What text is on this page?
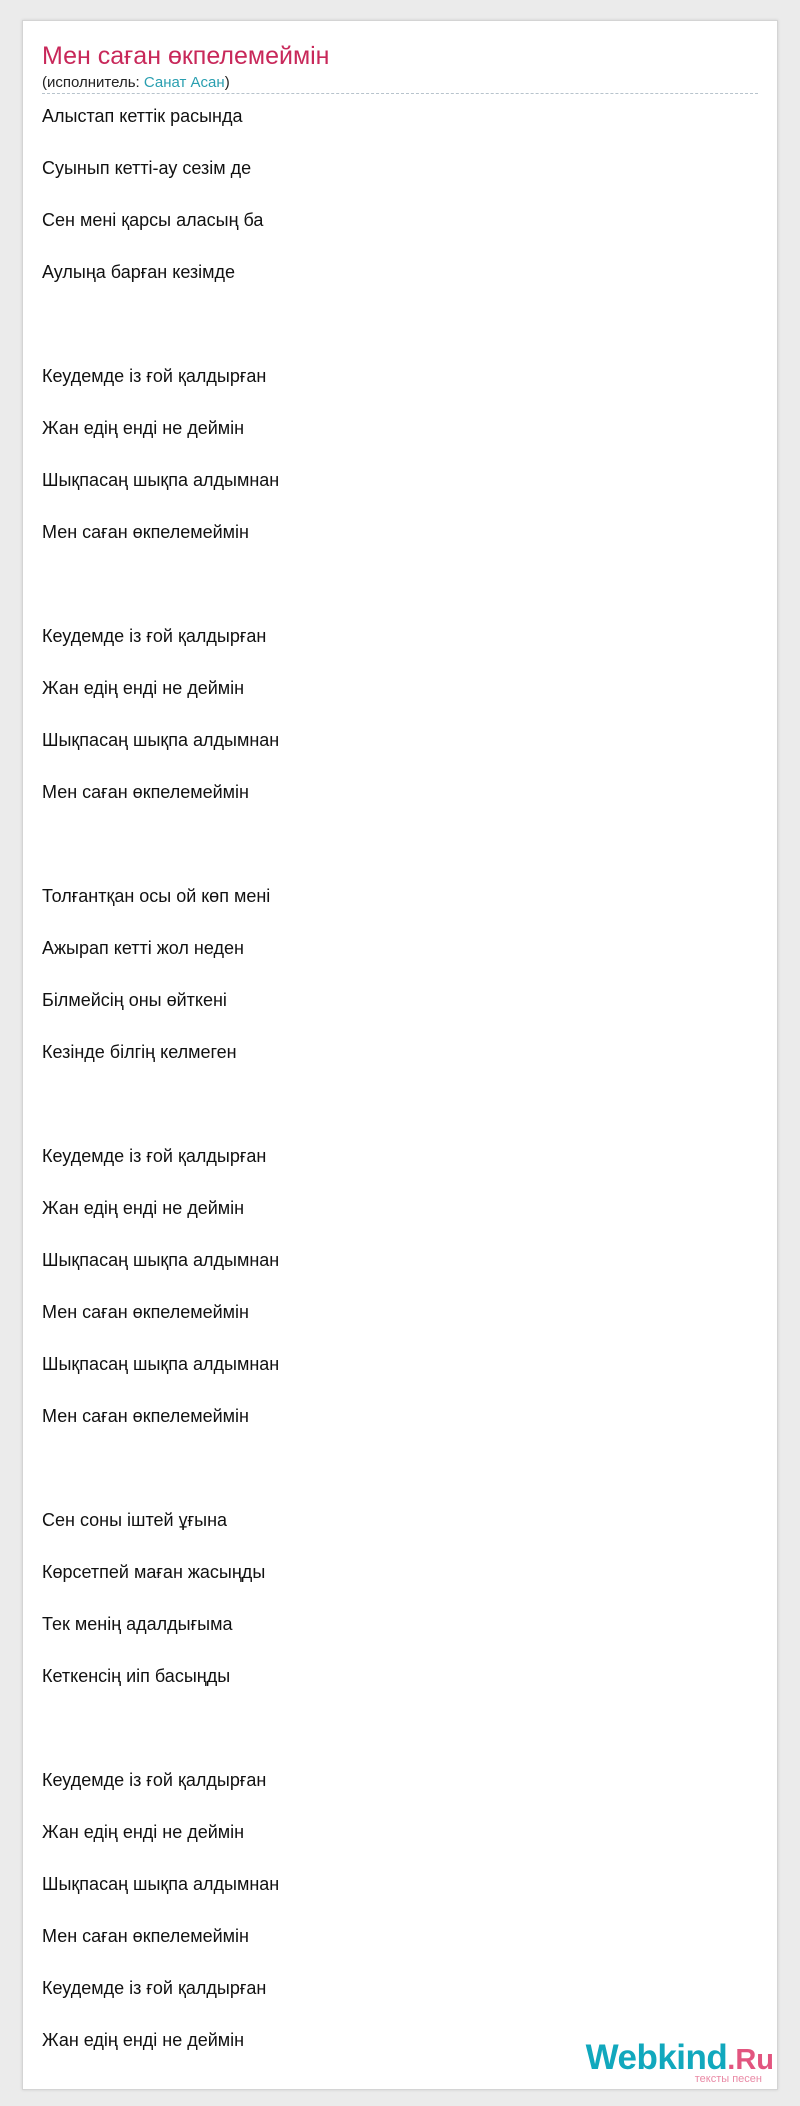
Мен саған өкпелемеймін
(исполнитель: Санат Асан)
Алыстап кеттік расында
Суынып кетті-ау сезім де
Сен мені қарсы аласың ба
Аулыңа барған кезімде
Кеудемде із ғой қалдырған
Жан едің енді не деймін
Шықпасаң шықпа алдымнан
Мен саған өкпелемеймін
Кеудемде із ғой қалдырған
Жан едің енді не деймін
Шықпасаң шықпа алдымнан
Мен саған өкпелемеймін
Толғантқан осы ой көп мені
Ажырап кетті жол неден
Білмейсің оны өйткені
Кезінде білгің келмеген
Кеудемде із ғой қалдырған
Жан едің енді не деймін
Шықпасаң шықпа алдымнан
Мен саған өкпелемеймін
Шықпасаң шықпа алдымнан
Мен саған өкпелемеймін
Сен соны іштей ұғына
Көрсетпей маған жасыңды
Тек менің адалдығыма
Кеткенсің иіп басыңды
Кеудемде із ғой қалдырған
Жан едің енді не деймін
Шықпасаң шықпа алдымнан
Мен саған өкпелемеймін
Кеудемде із ғой қалдырған
Жан едің енді не деймін	Webkind.Ru
тексты песен
